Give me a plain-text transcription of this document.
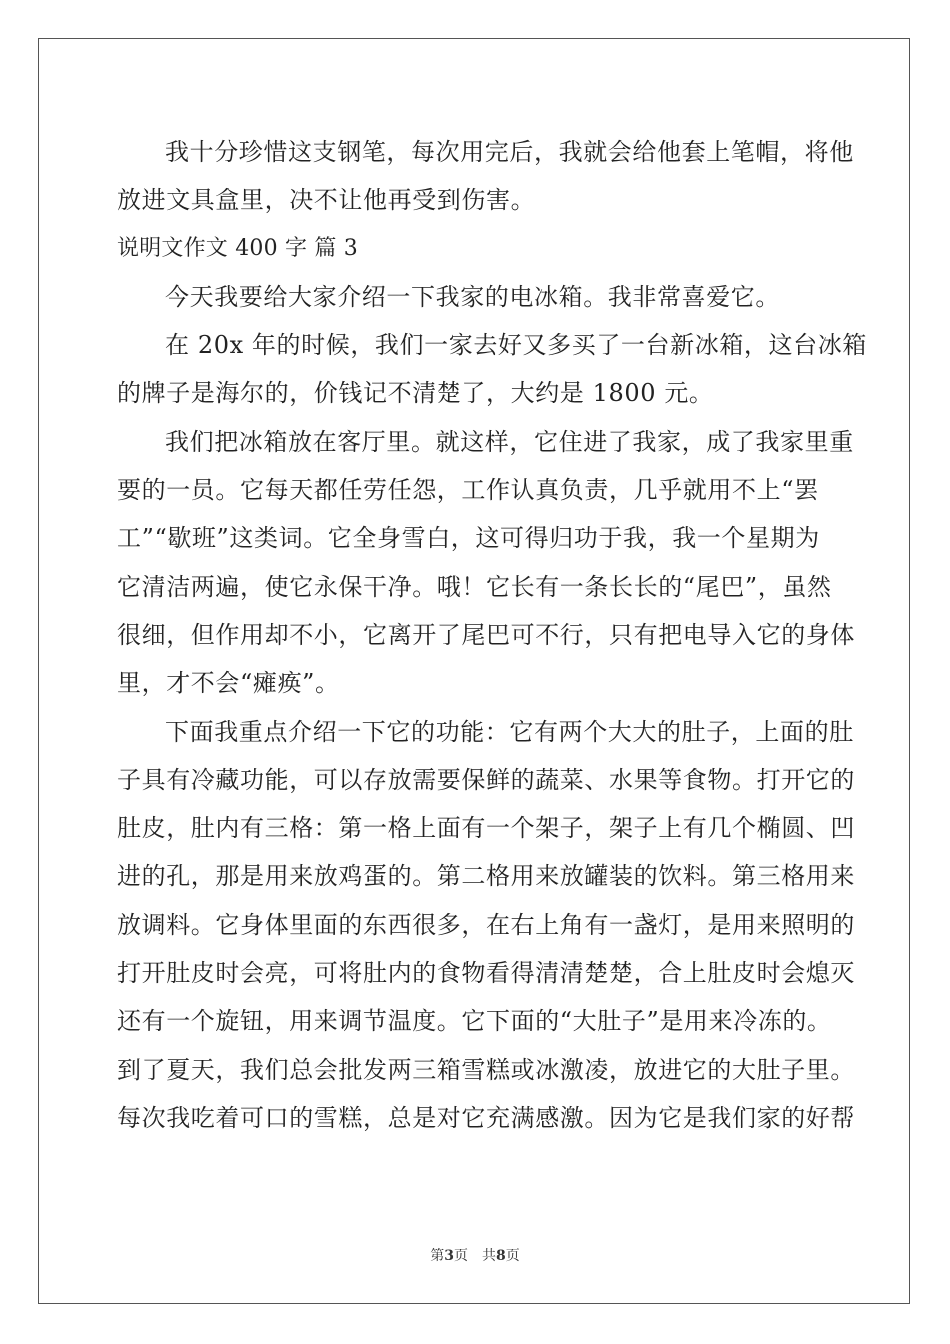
我十分珍惜这支钢笔，每次用完后，我就会给他套上笔帽，将他
放进文具盒里，决不让他再受到伤害。
说明文作文 400 字 篇 3
今天我要给大家介绍一下我家的电冰箱。我非常喜爱它。
在 20x 年的时候，我们一家去好又多买了一台新冰箱，这台冰箱
的牌子是海尔的，价钱记不清楚了，大约是 1800 元。
我们把冰箱放在客厅里。就这样，它住进了我家，成了我家里重
要的一员。它每天都任劳任怨，工作认真负责，几乎就用不上“罢
工”“歇班”这类词。它全身雪白，这可得归功于我，我一个星期为
它清洁两遍，使它永保干净。哦！它长有一条长长的“尾巴”，虽然
很细，但作用却不小，它离开了尾巴可不行，只有把电导入它的身体
里，才不会“瘫痪”。
下面我重点介绍一下它的功能：它有两个大大的肚子，上面的肚
子具有冷藏功能，可以存放需要保鲜的蔬菜、水果等食物。打开它的
肚皮，肚内有三格：第一格上面有一个架子，架子上有几个椭圆、凹
进的孔，那是用来放鸡蛋的。第二格用来放罐装的饮料。第三格用来
放调料。它身体里面的东西很多，在右上角有一盏灯，是用来照明的
打开肚皮时会亮，可将肚内的食物看得清清楚楚，合上肚皮时会熄灭
还有一个旋钮，用来调节温度。它下面的“大肚子”是用来冷冻的。
到了夏天，我们总会批发两三箱雪糕或冰激凌，放进它的大肚子里。
每次我吃着可口的雪糕，总是对它充满感激。因为它是我们家的好帮
第3页 共8页
